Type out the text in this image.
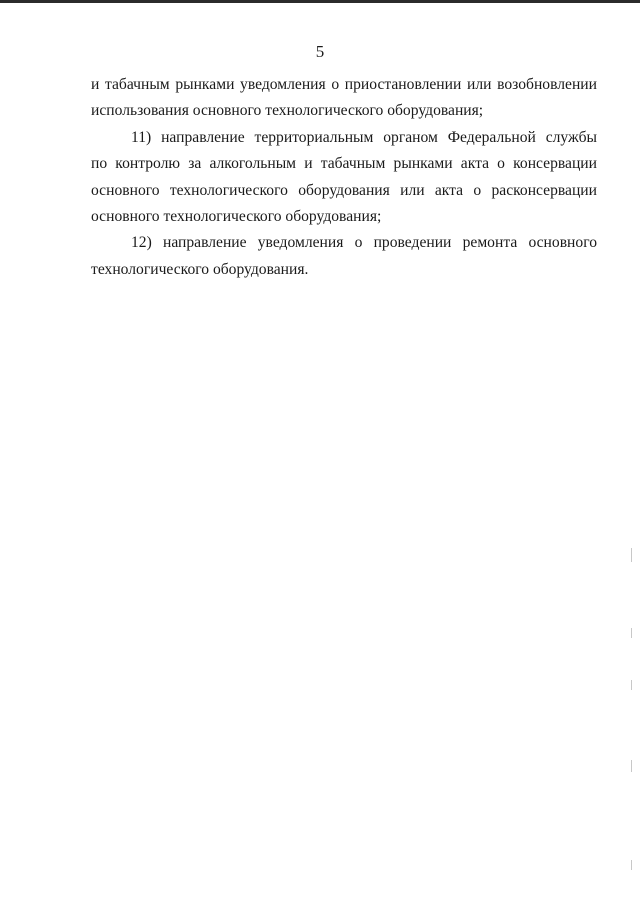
5

и табачным рынками уведомления о приостановлении или возобновлении
использования основного технологического оборудования;

11) направление территориальным органом Федеральной службы
по контролю за алкогольным и табачным рынками акта о консервации
основного технологического оборудования или акта о расконсервации
основного технологического оборудования;

12) направление уведомления о проведении ремонта основного
технологического оборудования.
